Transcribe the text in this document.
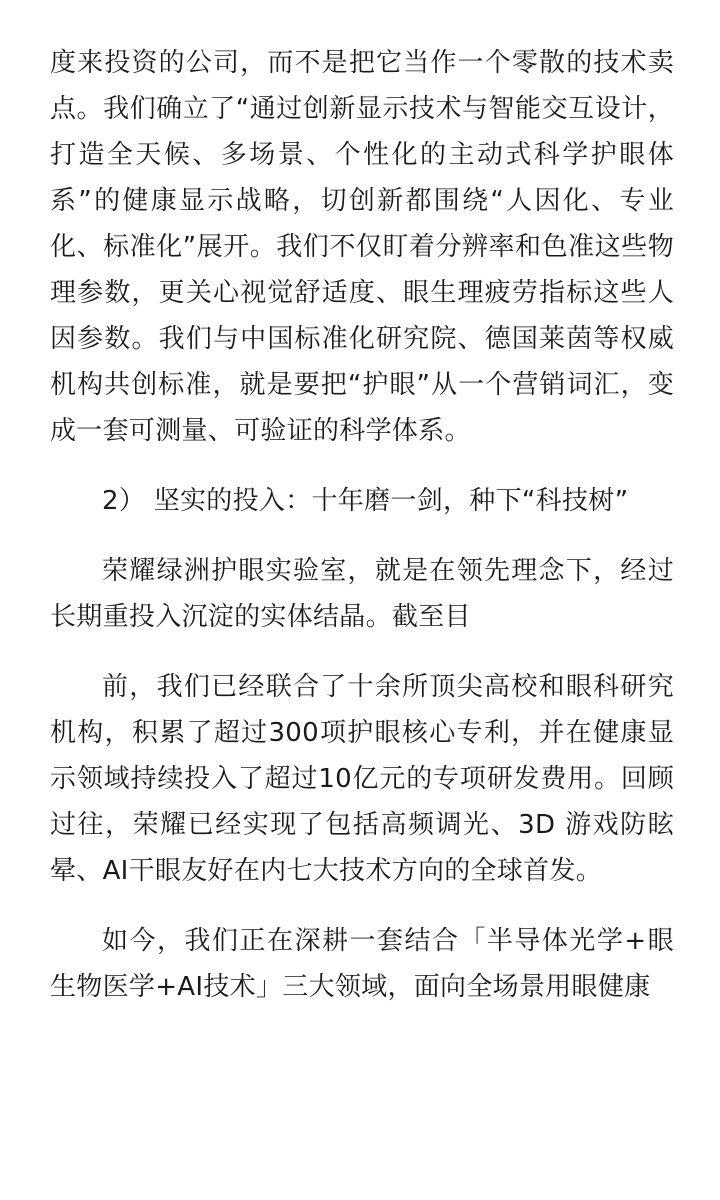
度来投资的公司，而不是把它当作一个零散的技术卖点。我们确立了“通过创新显示技术与智能交互设计，打造全天候、多场景、个性化的主动式科学护眼体系”的健康显示战略，切创新都围绕“人因化、专业化、标准化”展开。我们不仅盯着分辨率和色准这些物理参数，更关心视觉舒适度、眼生理疲劳指标这些人因参数。我们与中国标准化研究院、德国莱茵等权威机构共创标准，就是要把“护眼”从一个营销词汇，变成一套可测量、可验证的科学体系。

2） 坚实的投入：十年磨一剑，种下“科技树”

荣耀绿洲护眼实验室，就是在领先理念下，经过长期重投入沉淀的实体结晶。截至目

前，我们已经联合了十余所顶尖高校和眼科研究机构，积累了超过300项护眼核心专利，并在健康显示领域持续投入了超过10亿元的专项研发费用。回顾过往，荣耀已经实现了包括高频调光、3D 游戏防眩晕、AI干眼友好在内七大技术方向的全球首发。

如今，我们正在深耕一套结合「半导体光学+眼生物医学+AI技术」三大领域，面向全场景用眼健康
